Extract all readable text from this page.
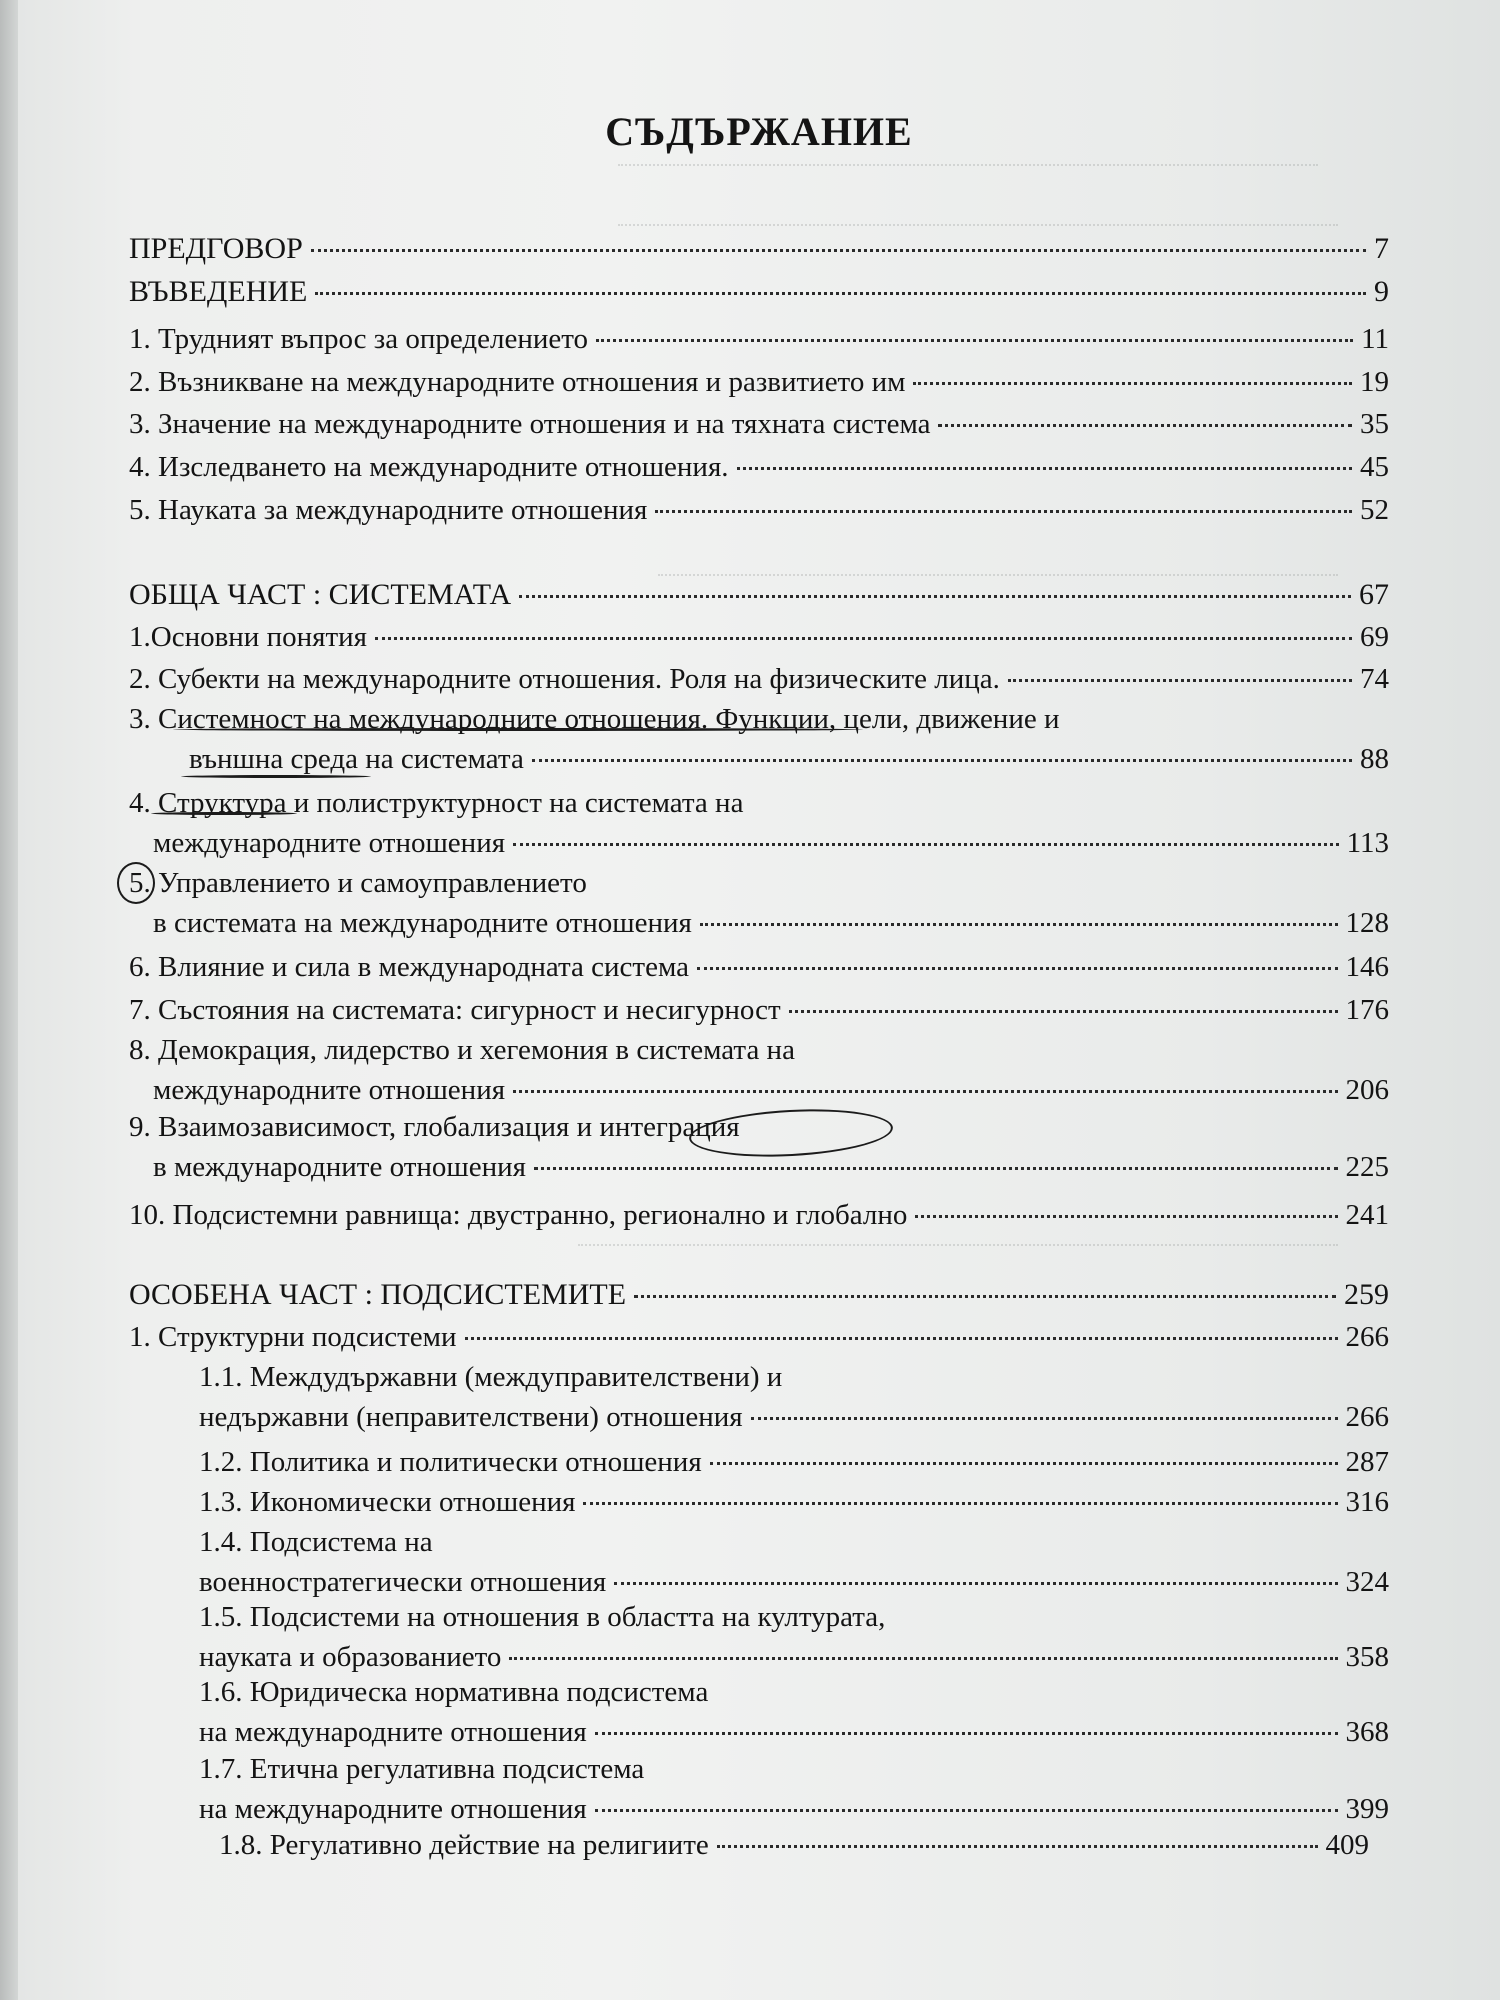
СЪДЪРЖАНИЕ
ПРЕДГОВОР	7
ВЪВЕДЕНИЕ	9
1. Трудният въпрос за определението	11
2. Възникване на международните отношения и развитието им	19
3. Значение на международните отношения и на тяхната система	35
4. Изследването на международните отношения.	45
5. Науката за международните отношения	52
ОБЩА ЧАСТ : СИСТЕМАТА	67
1.Основни понятия	69
2. Субекти на международните отношения. Роля на физическите лица.	74
3. Системност на международните отношения. Функции, цели, движение и
външна среда на системата	88
4. Структура и полиструктурност на системата на
международните отношения	113
5. Управлението и самоуправлението
в системата на международните отношения	128
6. Влияние и сила в международната система	146
7. Състояния на системата: сигурност и несигурност	176
8. Демокрация, лидерство и хегемония в системата на
международните отношения	206
9. Взаимозависимост, глобализация и интеграция
в международните отношения	225
10. Подсистемни равнища: двустранно, регионално и глобално	241
ОСОБЕНА ЧАСТ : ПОДСИСТЕМИТЕ	259
1. Структурни подсистеми	266
1.1. Междудържавни (междуправителствени) и
недържавни (неправителствени) отношения	266
1.2. Политика и политически отношения	287
1.3. Икономически отношения	316
1.4. Подсистема на
военностратегически отношения	324
1.5. Подсистеми на отношения в областта на културата,
науката и образованието	358
1.6. Юридическа нормативна подсистема
на международните отношения	368
1.7. Етична регулативна подсистема
на международните отношения	399
1.8. Регулативно действие на религиите	409
